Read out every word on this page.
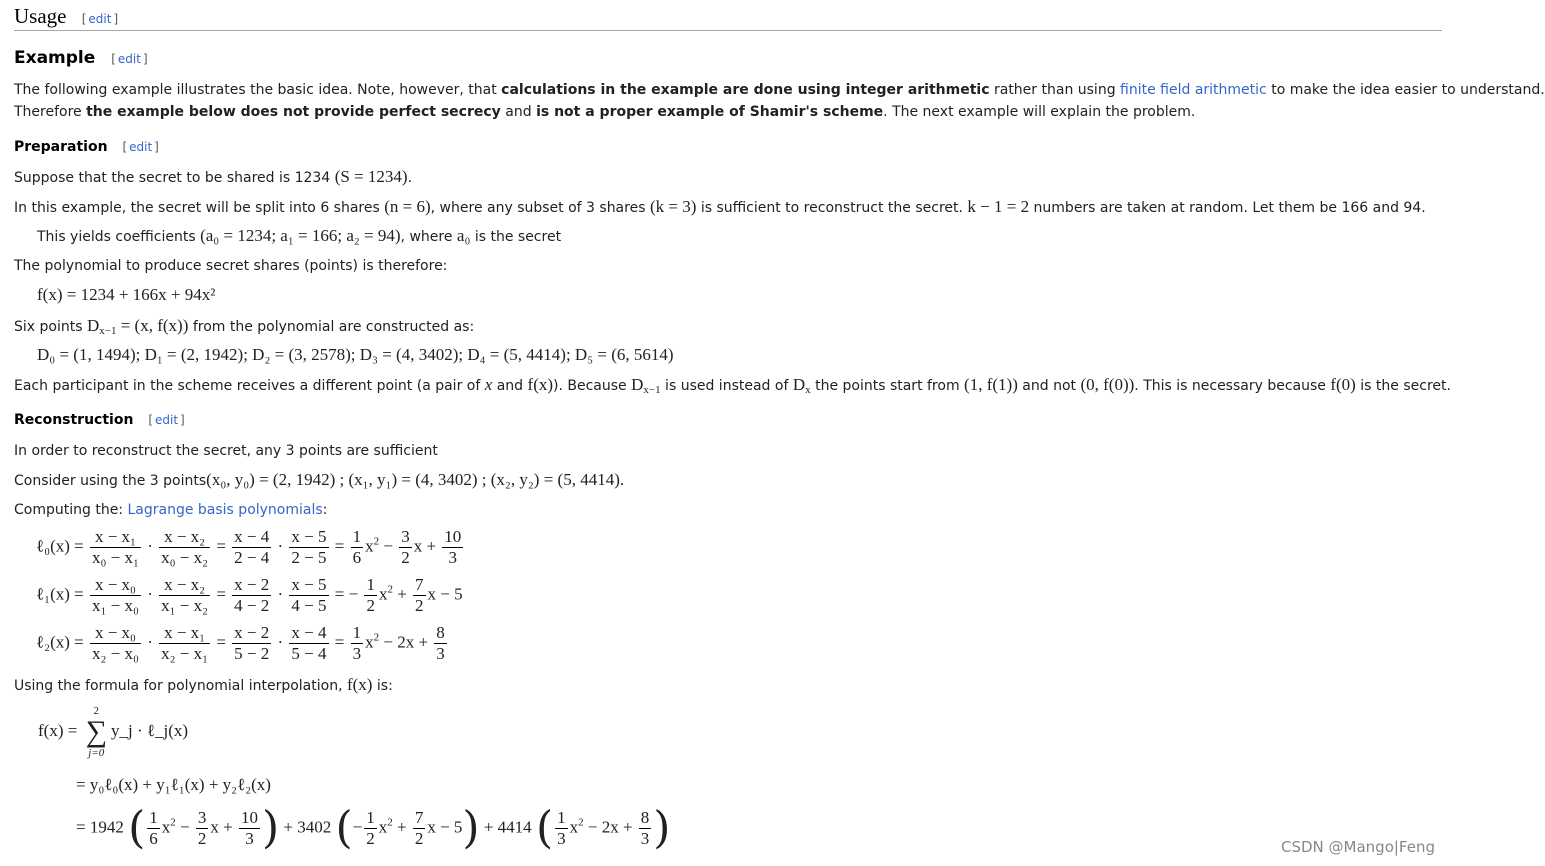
Usage [ edit ]
Example [ edit ]
The following example illustrates the basic idea. Note, however, that calculations in the example are done using integer arithmetic rather than using finite field arithmetic to make the idea easier to understand.
Therefore the example below does not provide perfect secrecy and is not a proper example of Shamir's scheme. The next example will explain the problem.
Preparation [ edit ]
Suppose that the secret to be shared is 1234 (S = 1234).
In this example, the secret will be split into 6 shares (n = 6), where any subset of 3 shares (k = 3) is sufficient to reconstruct the secret. k − 1 = 2 numbers are taken at random. Let them be 166 and 94.
This yields coefficients (a₀ = 1234; a₁ = 166; a₂ = 94), where a₀ is the secret
The polynomial to produce secret shares (points) is therefore:
f(x) = 1234 + 166x + 94x²
Six points $D_{x-1} = (x$, f(x)) from the polynomial are constructed as:
D₀ = (1, 1494); D₁ = (2, 1942); D₂ = (3, 2578); D₃ = (4, 3402); D₄ = (5, 4414); D₅ = (6, 5614)
Each participant in the scheme receives a different point (a pair of x and f(x)). Because $D_{x-1}$ is used instead of $D_x$ the points start from (1, f(1)) and not (0, f(0)). This is necessary because f(0) is the secret.
Reconstruction [ edit ]
In order to reconstruct the secret, any 3 points are sufficient
Consider using the 3 points(x₀, y₀) = (2, 1942) ; (x₁, y₁) = (4, 3402) ; (x₂, y₂) = (5, 4414).
Computing the: Lagrange basis polynomials:
ℓ₀(x) = $\frac{\text{x − x₁}}{\text{x₀ − x₁}} \cdot \frac{\text{x − x₂}}{\text{x₀ − x₂}} = \frac{x - 4}{2 - 4} \cdot \frac{x - 5}{2 - 5} = \frac{1}{6} x^2 - \frac{3}{2}$ $x + \frac{10}{3}$
ℓ₁(x) = $\frac{\text{x − x₀}}{\text{x₁ − x₀}} \cdot \frac{\text{x − x₂}}{\text{x₁ − x₂}} = \frac{x - 2}{4 - 2} \cdot \frac{x - 5}{4 - 5}$ = − $\frac{1}{2} x^2 + \frac{7}{2}$ x − 5
ℓ₂(x) = $\frac{\text{x − x₀}}{\text{x₂ − x₀}} \cdot \frac{\text{x − x₁}}{\text{x₂ − x₁}} = \frac{x - 2}{5 - 2} \cdot \frac{x - 4}{5 - 4} = \frac{1}{3} x^2 - 2x + \frac{8}{3}$
Using the formula for polynomial interpolation, f(x) is:
f(x) =
2
∑
j=0
y_j · ℓ_j(x)
= y₀ℓ₀(x) + y₁ℓ₁(x) + y₂ℓ₂(x)
= 1942 ( $\frac{1}{6} x^2 - \frac{3}{2}$ $x + \frac{10}{3}$ ) + 3402 (− $\frac{1}{2} x^2 + \frac{7}{2}$ x − 5) + 4414 ( $\frac{1}{3} x^2 - 2x + \frac{8}{3}$ )	CSDN @Mango|Feng
